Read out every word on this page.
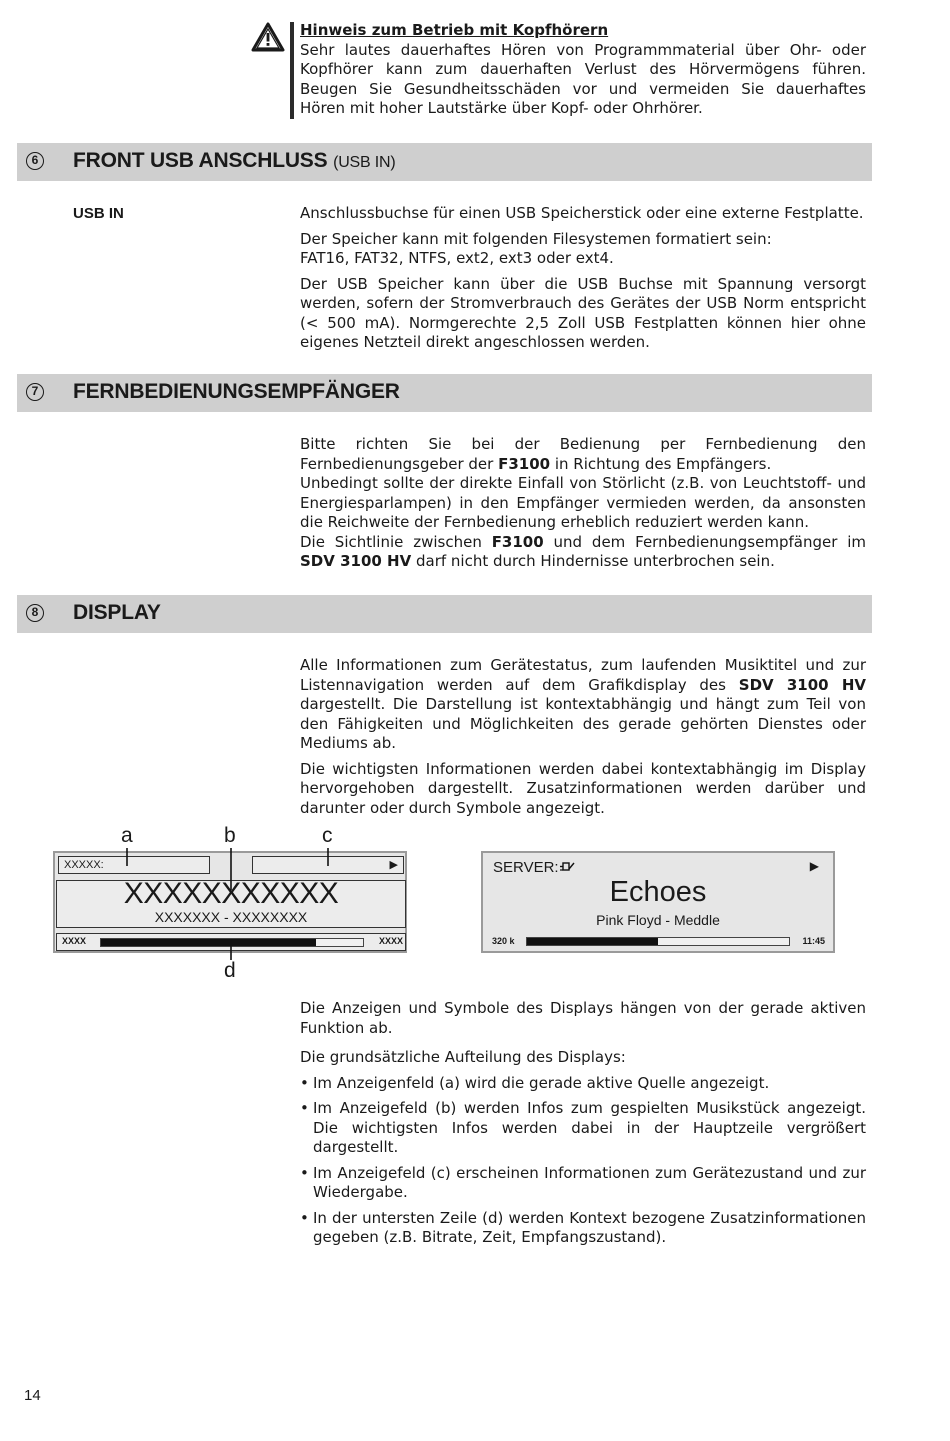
Hinweis zum Betrieb mit Kopfhörern
Sehr lautes dauerhaftes Hören von Programmmaterial über Ohr- oder Kopfhörer kann zum dauerhaften Verlust des Hörvermögens führen. Beugen Sie Gesundheitsschäden vor und vermeiden Sie dauerhaftes Hören mit hoher Lautstärke über Kopf- oder Ohrhörer.
6 FRONT USB ANSCHLUSS (USB IN)
USB IN	Anschlussbuchse für einen USB Speicherstick oder eine externe Festplatte.

Der Speicher kann mit folgenden Filesystemen formatiert sein:
FAT16, FAT32, NTFS, ext2, ext3 oder ext4.

Der USB Speicher kann über die USB Buchse mit Spannung versorgt werden, sofern der Stromverbrauch des Gerätes der USB Norm entspricht (< 500 mA). Normgerechte 2,5 Zoll USB Festplatten können hier ohne eigenes Netzteil direkt angeschlossen werden.

7 FERNBEDIENUNGSEMPFÄNGER

Bitte richten Sie bei der Bedienung per Fernbedienung den Fernbedienungsgeber der F3100 in Richtung des Empfängers.

Unbedingt sollte der direkte Einfall von Störlicht (z.B. von Leuchtstoff- und Energiesparlampen) in den Empfänger vermieden werden, da ansonsten die Reichweite der Fernbedienung erheblich reduziert werden kann.

Die Sichtlinie zwischen F3100 und dem Fernbedienungsempfänger im SDV 3100 HV darf nicht durch Hindernisse unterbrochen sein.

8 DISPLAY

Alle Informationen zum Gerätestatus, zum laufenden Musiktitel und zur Listennavigation werden auf dem Grafikdisplay des SDV 3100 HV dargestellt. Die Darstellung ist kontextabhängig und hängt zum Teil von den Fähigkeiten und Möglichkeiten des gerade gehörten Dienstes oder Mediums ab.

Die wichtigsten Informationen werden dabei kontextabhängig im Display hervorgehoben dargestellt. Zusatzinformationen werden darüber und darunter oder durch Symbole angezeigt.

a	b	c
d
XXXXX:	▶
XXXXXXXXXXX
XXXXXXX - XXXXXXXX
XXXX	XXXX
SERVER:	▶
Echoes
Pink Floyd - Meddle
320 k	11:45

Die Anzeigen und Symbole des Displays hängen von der gerade aktiven Funktion ab.

Die grundsätzliche Aufteilung des Displays:

• Im Anzeigenfeld (a) wird die gerade aktive Quelle angezeigt.
• Im Anzeigefeld (b) werden Infos zum gespielten Musikstück angezeigt. Die wichtigsten Infos werden dabei in der Hauptzeile vergrößert dargestellt.
• Im Anzeigefeld (c) erscheinen Informationen zum Gerätezustand und zur Wiedergabe.
• In der untersten Zeile (d) werden Kontext bezogene Zusatzinformationen gegeben (z.B. Bitrate, Zeit, Empfangszustand).
14
